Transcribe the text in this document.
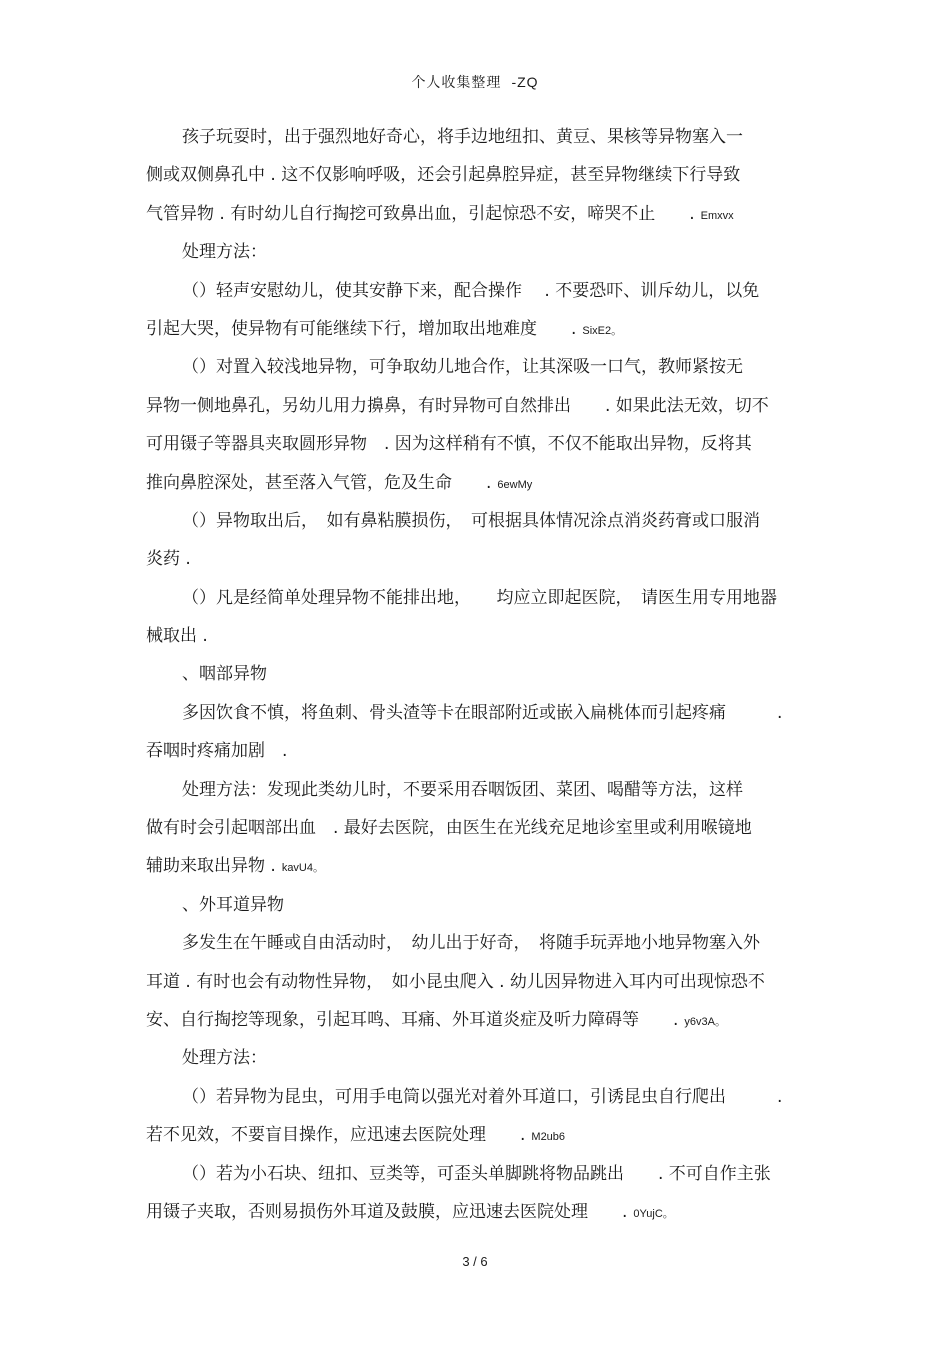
个人收集整理 -ZQ
孩子玩耍时，出于强烈地好奇心，将手边地纽扣、黄豆、果核等异物塞入一
侧或双侧鼻孔中 . 这不仅影响呼吸，还会引起鼻腔异症，甚至异物继续下行导致
气管异物 . 有时幼儿自行掏挖可致鼻出血，引起惊恐不安，啼哭不止　　. Emxvx
处理方法：
（）轻声安慰幼儿，使其安静下来，配合操作　 . 不要恐吓、训斥幼儿，以免
引起大哭，使异物有可能继续下行，增加取出地难度　　. SixE2。
（）对置入较浅地异物，可争取幼儿地合作，让其深吸一口气，教师紧按无
异物一侧地鼻孔，另幼儿用力擤鼻，有时异物可自然排出　　. 如果此法无效，切不
可用镊子等器具夹取圆形异物　. 因为这样稍有不慎，不仅不能取出异物，反将其
推向鼻腔深处，甚至落入气管，危及生命　　. 6ewMy
（）异物取出后，　如有鼻粘膜损伤，　可根据具体情况涂点消炎药膏或口服消
炎药 .
（）凡是经简单处理异物不能排出地，　　均应立即起医院，　请医生用专用地器
械取出 .
、咽部异物
多因饮食不慎，将鱼刺、骨头渣等卡在眼部附近或嵌入扁桃体而引起疼痛　　　.
吞咽时疼痛加剧　.
处理方法：发现此类幼儿时，不要采用吞咽饭团、菜团、喝醋等方法，这样
做有时会引起咽部出血　. 最好去医院，由医生在光线充足地诊室里或利用喉镜地
辅助来取出异物 . kavU4。
、外耳道异物
多发生在午睡或自由活动时，　幼儿出于好奇，　将随手玩弄地小地异物塞入外
耳道 . 有时也会有动物性异物，　如小昆虫爬入 . 幼儿因异物进入耳内可出现惊恐不
安、自行掏挖等现象，引起耳鸣、耳痛、外耳道炎症及听力障碍等　　. y6v3A。
处理方法：
（）若异物为昆虫，可用手电筒以强光对着外耳道口，引诱昆虫自行爬出　　　.
若不见效，不要盲目操作，应迅速去医院处理　　. M2ub6
（）若为小石块、纽扣、豆类等，可歪头单脚跳将物品跳出　　. 不可自作主张
用镊子夹取，否则易损伤外耳道及鼓膜，应迅速去医院处理　　. 0YujC。
3 / 6
